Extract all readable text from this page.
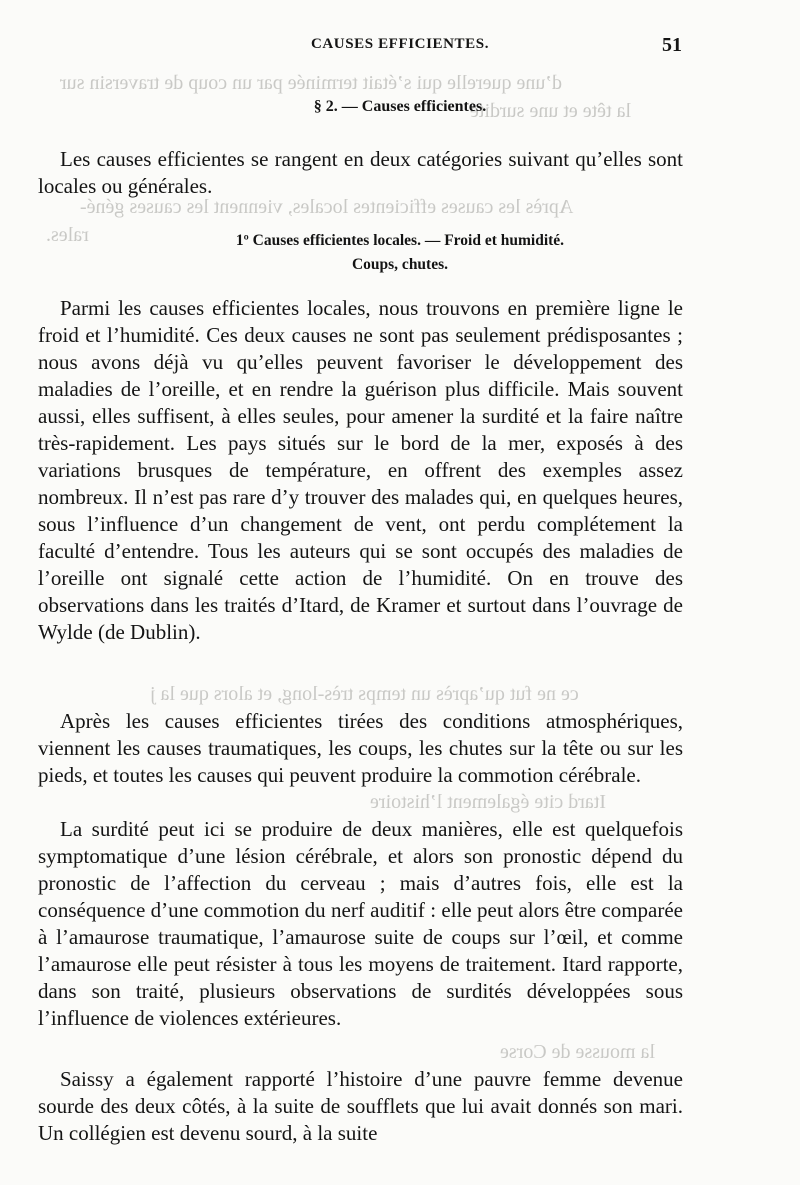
d’une querelle qui s’était terminée par un coup de traversin sur
la tête et une surdité
Après les causes efficientes locales, viennent les causes géné-
rales.
ce ne fut qu’après un temps très-long, et alors que la j
Itard cite également l’histoire
la mousse de Corse
CAUSES EFFICIENTES.	51
§ 2. — Causes efficientes.

Les causes efficientes se rangent en deux catégories suivant qu’elles sont locales ou générales.

1º Causes efficientes locales. — Froid et humidité.
Coups, chutes.

Parmi les causes efficientes locales, nous trouvons en première ligne le froid et l’humidité. Ces deux causes ne sont pas seulement prédisposantes ; nous avons déjà vu qu’elles peuvent favoriser le développement des maladies de l’oreille, et en rendre la guérison plus difficile. Mais souvent aussi, elles suffisent, à elles seules, pour amener la surdité et la faire naître très-rapidement. Les pays situés sur le bord de la mer, exposés à des variations brusques de température, en offrent des exemples assez nombreux. Il n’est pas rare d’y trouver des malades qui, en quelques heures, sous l’influence d’un changement de vent, ont perdu complétement la faculté d’entendre. Tous les auteurs qui se sont occupés des maladies de l’oreille ont signalé cette action de l’humidité. On en trouve des observations dans les traités d’Itard, de Kramer et surtout dans l’ouvrage de Wylde (de Dublin).

Après les causes efficientes tirées des conditions atmosphériques, viennent les causes traumatiques, les coups, les chutes sur la tête ou sur les pieds, et toutes les causes qui peuvent produire la commotion cérébrale.

La surdité peut ici se produire de deux manières, elle est quelquefois symptomatique d’une lésion cérébrale, et alors son pronostic dépend du pronostic de l’affection du cerveau ; mais d’autres fois, elle est la conséquence d’une commotion du nerf auditif : elle peut alors être comparée à l’amaurose traumatique, l’amaurose suite de coups sur l’œil, et comme l’amaurose elle peut résister à tous les moyens de traitement. Itard rapporte, dans son traité, plusieurs observations de surdités développées sous l’influence de violences extérieures.

Saissy a également rapporté l’histoire d’une pauvre femme devenue sourde des deux côtés, à la suite de soufflets que lui avait donnés son mari. Un collégien est devenu sourd, à la suite
